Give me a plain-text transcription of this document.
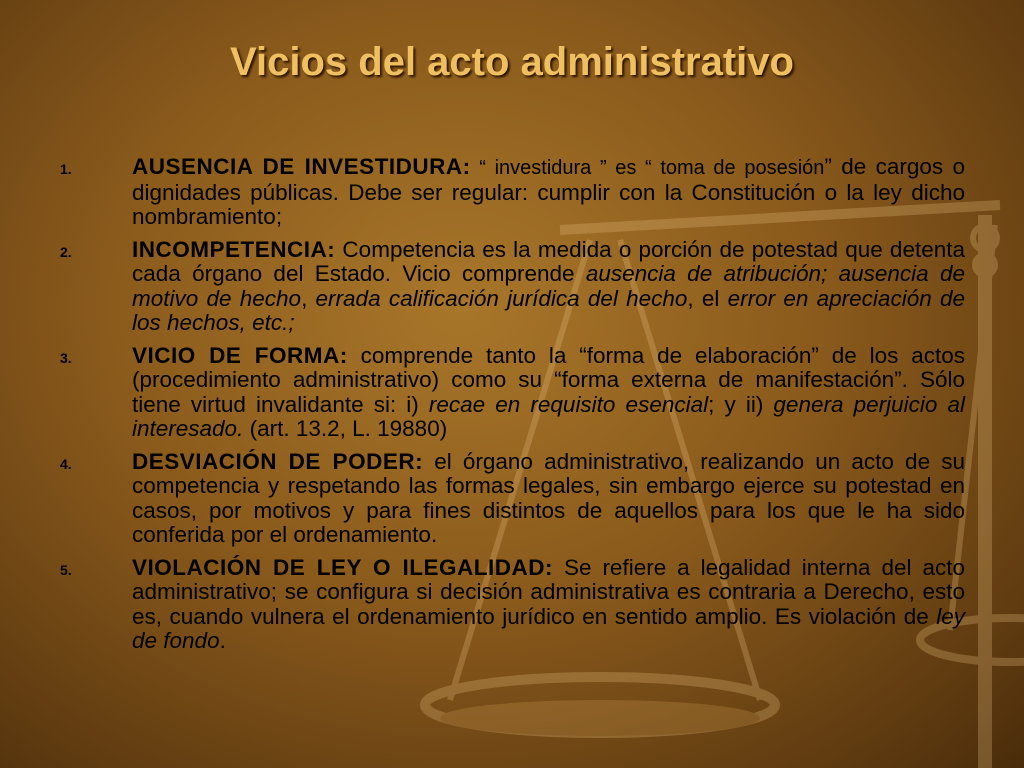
Vicios del acto administrativo
1.	AUSENCIA DE INVESTIDURA: “ investidura ” es “ toma de posesión” de cargos o dignidades públicas. Debe ser regular: cumplir con la Constitución o la ley dicho nombramiento;
2.	INCOMPETENCIA: Competencia es la medida o porción de potestad que detenta cada órgano del Estado. Vicio comprende ausencia de atribución; ausencia de motivo de hecho, errada calificación jurídica del hecho, el error en apreciación de los hechos, etc.;
3.	VICIO DE FORMA: comprende tanto la “forma de elaboración” de los actos (procedimiento administrativo) como su “forma externa de manifestación”. Sólo tiene virtud invalidante si: i) recae en requisito esencial; y ii) genera perjuicio al interesado. (art. 13.2, L. 19880)
4.	DESVIACIÓN DE PODER: el órgano administrativo, realizando un acto de su competencia y respetando las formas legales, sin embargo ejerce su potestad en casos, por motivos y para fines distintos de aquellos para los que le ha sido conferida por el ordenamiento.
5.	VIOLACIÓN DE LEY O ILEGALIDAD: Se refiere a legalidad interna del acto administrativo; se configura si decisión administrativa es contraria a Derecho, esto es, cuando vulnera el ordenamiento jurídico en sentido amplio. Es violación de ley de fondo.
